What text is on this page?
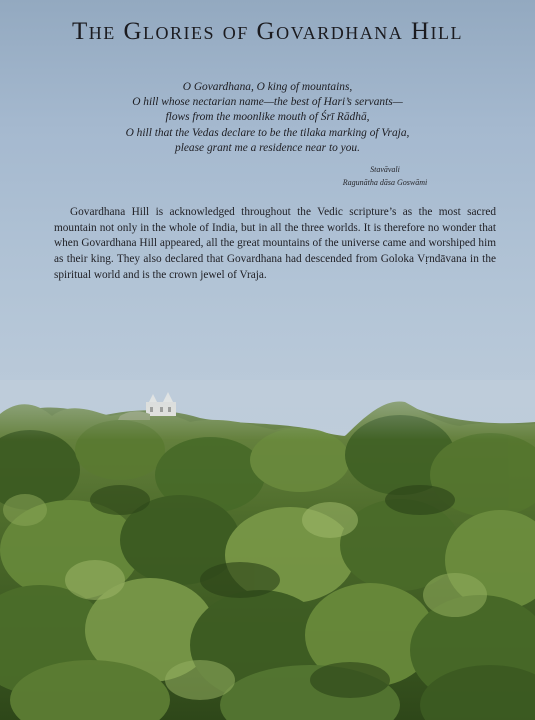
The Glories of Govardhana Hill
O Govardhana, O king of mountains,
O hill whose nectarian name—the best of Hari’s servants—
flows from the moonlike mouth of Śrī Rādhā,
O hill that the Vedas declare to be the tilaka marking of Vraja,
please grant me a residence near to you.
Stavāvali
Ragunātha dāsa Goswāmi

Govardhana Hill is acknowledged throughout the Vedic scripture’s as the most sacred mountain not only in the whole of India, but in all the three worlds. It is therefore no wonder that when Govardhana Hill appeared, all the great mountains of the universe came and worshiped him as their king. They also declared that Govardhana had descended from Goloka Vṛndāvana in the spiritual world and is the crown jewel of Vraja.
